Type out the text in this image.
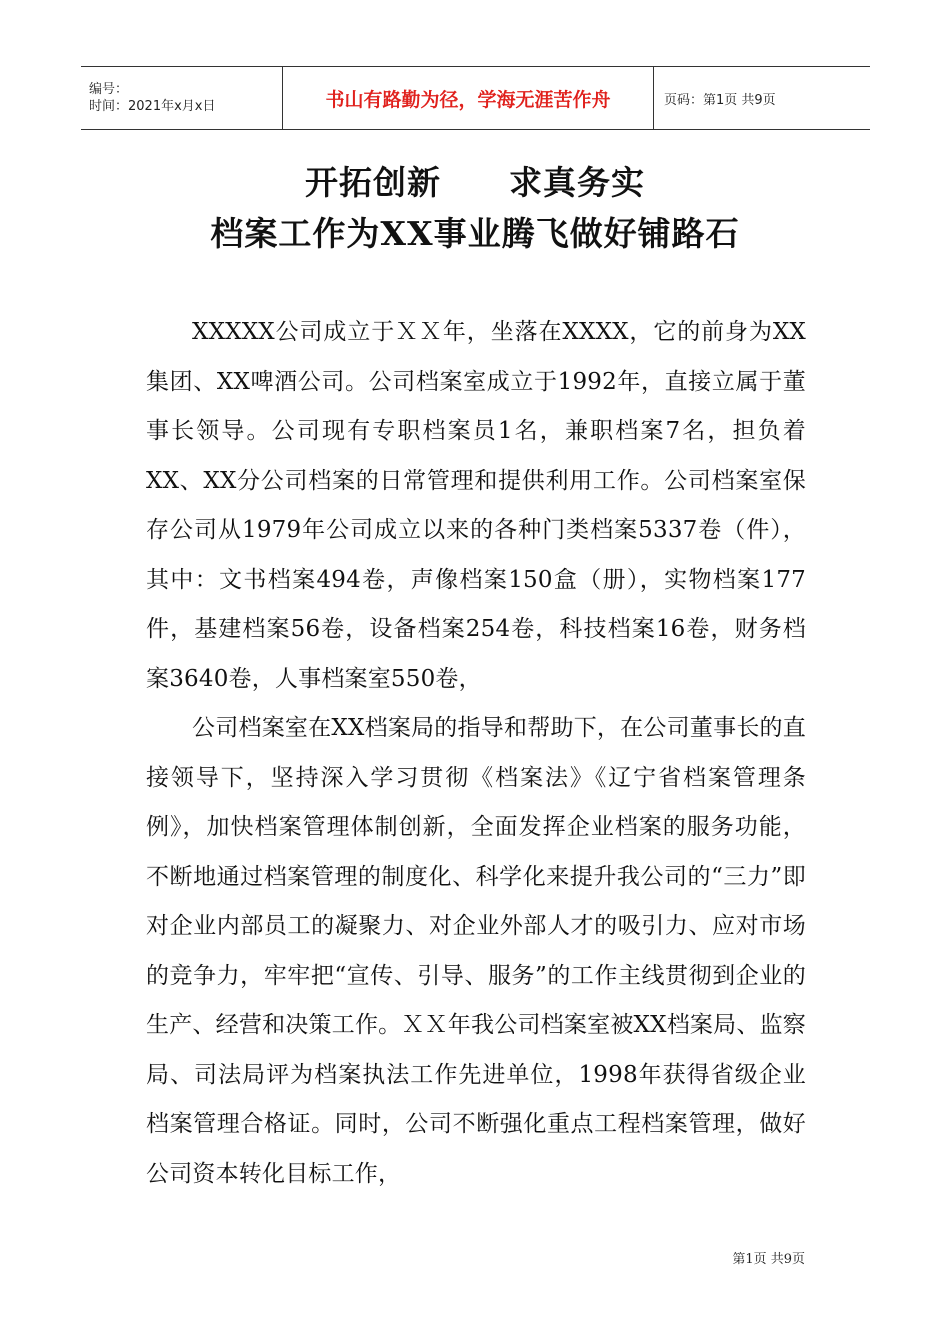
编号：
时间：2021年x月x日	书山有路勤为径，学海无涯苦作舟	页码：第1页 共9页
开拓创新　　求真务实
档案工作为XX事业腾飞做好铺路石

XXXXX公司成立于ＸＸ年，坐落在XXXX，它的前身为XX集团、XX啤酒公司。公司档案室成立于1992年，直接立属于董事长领导。公司现有专职档案员1名，兼职档案7名，担负着XX、XX分公司档案的日常管理和提供利用工作。公司档案室保存公司从1979年公司成立以来的各种门类档案5337卷（件），其中：文书档案494卷，声像档案150盒（册），实物档案177件，基建档案56卷，设备档案254卷，科技档案16卷，财务档案3640卷，人事档案室550卷，

公司档案室在XX档案局的指导和帮助下，在公司董事长的直接领导下，坚持深入学习贯彻《档案法》《辽宁省档案管理条例》，加快档案管理体制创新，全面发挥企业档案的服务功能，不断地通过档案管理的制度化、科学化来提升我公司的“三力”即对企业内部员工的凝聚力、对企业外部人才的吸引力、应对市场的竞争力，牢牢把“宣传、引导、服务”的工作主线贯彻到企业的生产、经营和决策工作。ＸＸ年我公司档案室被XX档案局、监察局、司法局评为档案执法工作先进单位，1998年获得省级企业档案管理合格证。同时，公司不断强化重点工程档案管理，做好公司资本转化目标工作，

第1页 共9页
